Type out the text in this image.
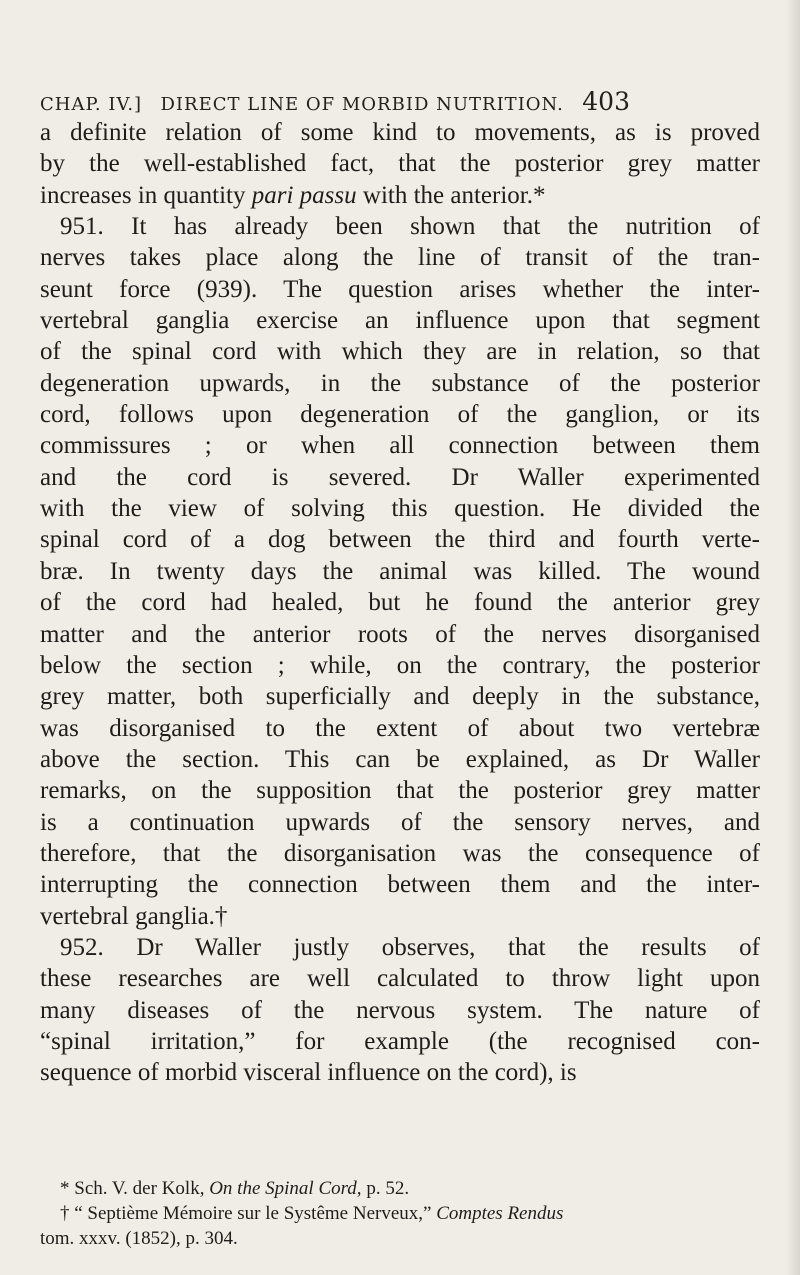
CHAP. IV.] DIRECT LINE OF MORBID NUTRITION. 403
a definite relation of some kind to movements, as is proved
by the well-established fact, that the posterior grey matter
increases in quantity pari passu with the anterior.*
951. It has already been shown that the nutrition of
nerves takes place along the line of transit of the tran-
seunt force (939). The question arises whether the inter-
vertebral ganglia exercise an influence upon that segment
of the spinal cord with which they are in relation, so that
degeneration upwards, in the substance of the posterior
cord, follows upon degeneration of the ganglion, or its
commissures ; or when all connection between them
and the cord is severed. Dr Waller experimented
with the view of solving this question. He divided the
spinal cord of a dog between the third and fourth verte-
bræ. In twenty days the animal was killed. The wound
of the cord had healed, but he found the anterior grey
matter and the anterior roots of the nerves disorganised
below the section ; while, on the contrary, the posterior
grey matter, both superficially and deeply in the substance,
was disorganised to the extent of about two vertebræ
above the section. This can be explained, as Dr Waller
remarks, on the supposition that the posterior grey matter
is a continuation upwards of the sensory nerves, and
therefore, that the disorganisation was the consequence of
interrupting the connection between them and the inter-
vertebral ganglia.†
952. Dr Waller justly observes, that the results of
these researches are well calculated to throw light upon
many diseases of the nervous system. The nature of
“spinal irritation,” for example (the recognised con-
sequence of morbid visceral influence on the cord), is
* Sch. V. der Kolk, On the Spinal Cord, p. 52.
† “ Septième Mémoire sur le Systême Nerveux,” Comptes Rendus
tom. xxxv. (1852), p. 304.
